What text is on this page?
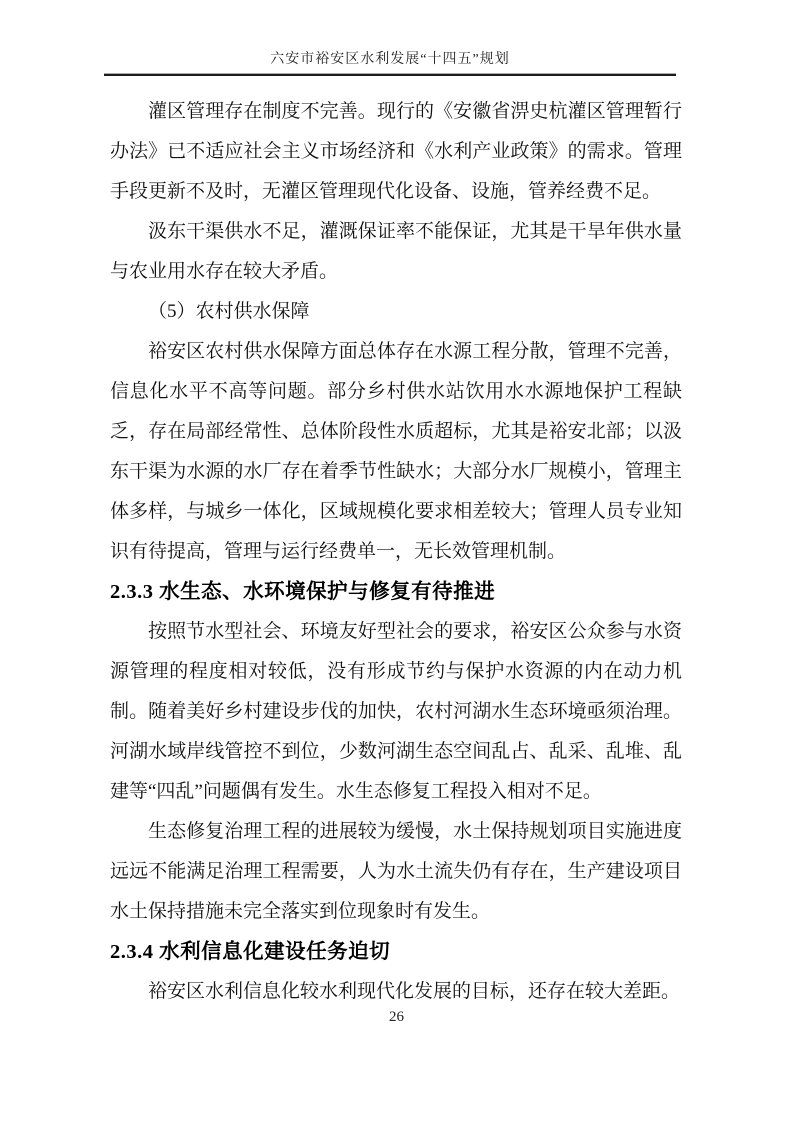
六安市裕安区水利发展“十四五”规划

灌区管理存在制度不完善。现行的《安徽省淠史杭灌区管理暂行办法》已不适应社会主义市场经济和《水利产业政策》的需求。管理手段更新不及时，无灌区管理现代化设备、设施，管养经费不足。

汲东干渠供水不足，灌溉保证率不能保证，尤其是干旱年供水量与农业用水存在较大矛盾。

（5）农村供水保障

裕安区农村供水保障方面总体存在水源工程分散，管理不完善，信息化水平不高等问题。部分乡村供水站饮用水水源地保护工程缺乏，存在局部经常性、总体阶段性水质超标，尤其是裕安北部；以汲东干渠为水源的水厂存在着季节性缺水；大部分水厂规模小，管理主体多样，与城乡一体化，区域规模化要求相差较大；管理人员专业知识有待提高，管理与运行经费单一，无长效管理机制。

2.3.3 水生态、水环境保护与修复有待推进

按照节水型社会、环境友好型社会的要求，裕安区公众参与水资源管理的程度相对较低，没有形成节约与保护水资源的内在动力机制。随着美好乡村建设步伐的加快，农村河湖水生态环境亟须治理。河湖水域岸线管控不到位，少数河湖生态空间乱占、乱采、乱堆、乱建等“四乱”问题偶有发生。水生态修复工程投入相对不足。

生态修复治理工程的进展较为缓慢，水土保持规划项目实施进度远远不能满足治理工程需要，人为水土流失仍有存在，生产建设项目水土保持措施未完全落实到位现象时有发生。

2.3.4 水利信息化建设任务迫切

裕安区水利信息化较水利现代化发展的目标，还存在较大差距。

26
